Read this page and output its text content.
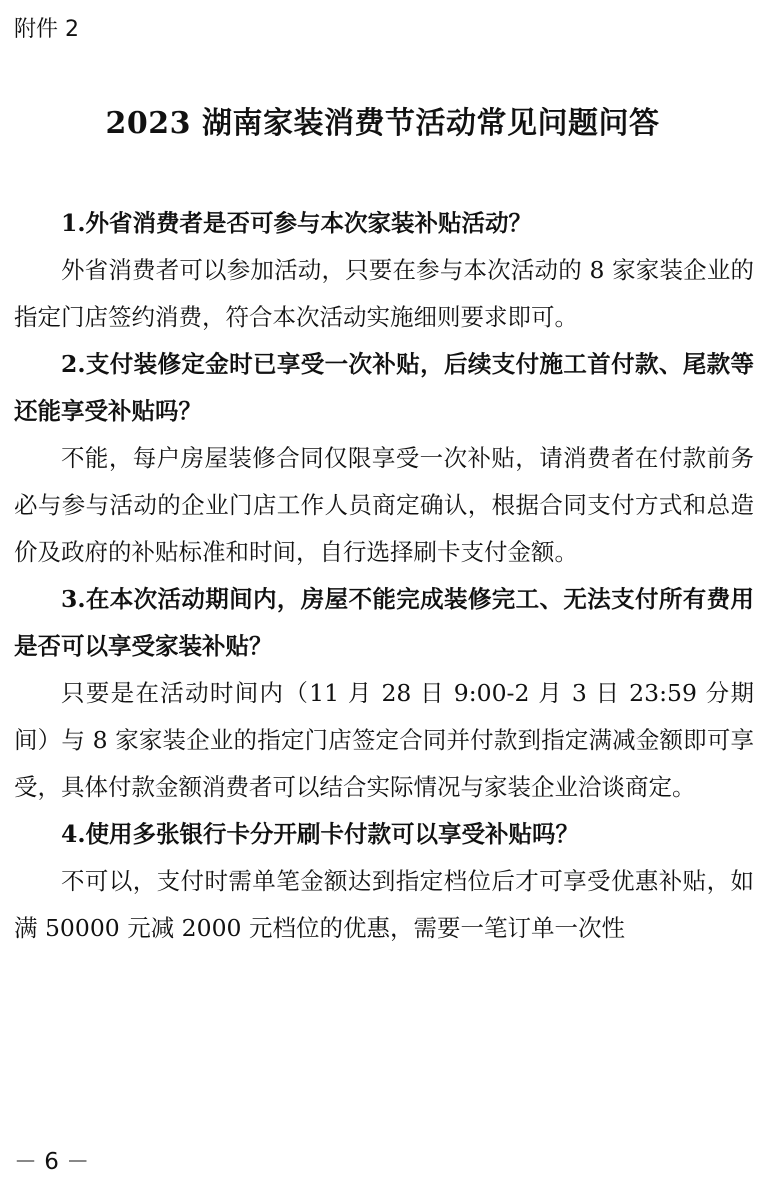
附件 2
2023 湖南家装消费节活动常见问题问答

1.外省消费者是否可参与本次家装补贴活动？

外省消费者可以参加活动，只要在参与本次活动的 8 家家装企业的指定门店签约消费，符合本次活动实施细则要求即可。

2.支付装修定金时已享受一次补贴，后续支付施工首付款、尾款等还能享受补贴吗？

不能，每户房屋装修合同仅限享受一次补贴，请消费者在付款前务必与参与活动的企业门店工作人员商定确认，根据合同支付方式和总造价及政府的补贴标准和时间，自行选择刷卡支付金额。

3.在本次活动期间内，房屋不能完成装修完工、无法支付所有费用是否可以享受家装补贴？

只要是在活动时间内（11 月 28 日 9:00-2 月 3 日 23:59 分期间）与 8 家家装企业的指定门店签定合同并付款到指定满减金额即可享受，具体付款金额消费者可以结合实际情况与家装企业洽谈商定。

4.使用多张银行卡分开刷卡付款可以享受补贴吗？

不可以，支付时需单笔金额达到指定档位后才可享受优惠补贴，如满 50000 元减 2000 元档位的优惠，需要一笔订单一次性

－ 6 －
